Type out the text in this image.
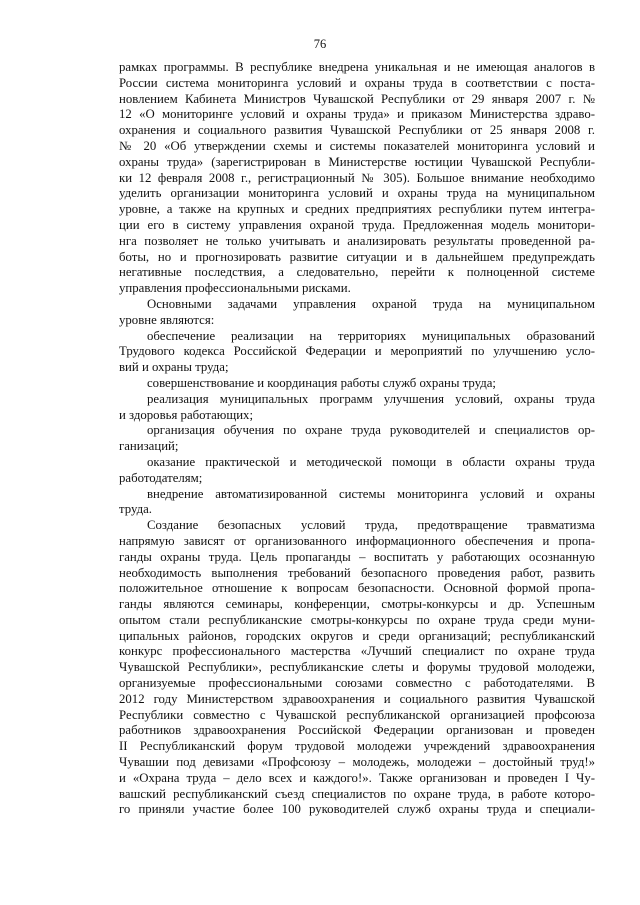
76
рамках программы. В республике внедрена уникальная и не имеющая аналогов в
России система мониторинга условий и охраны труда в соответствии с поста-
новлением Кабинета Министров Чувашской Республики от 29 января 2007 г. №
12 «О мониторинге условий и охраны труда» и приказом Министерства здраво-
охранения и социального развития Чувашской Республики от 25 января 2008 г.
№ 20 «Об утверждении схемы и системы показателей мониторинга условий и
охраны труда» (зарегистрирован в Министерстве юстиции Чувашской Республи-
ки 12 февраля 2008 г., регистрационный № 305). Большое внимание необходимо
уделить организации мониторинга условий и охраны труда на муниципальном
уровне, а также на крупных и средних предприятиях республики путем интегра-
ции его в систему управления охраной труда. Предложенная модель монитори-
нга позволяет не только учитывать и анализировать результаты проведенной ра-
боты, но и прогнозировать развитие ситуации и в дальнейшем предупреждать
негативные последствия, а следовательно, перейти к полноценной системе
управления профессиональными рисками.
Основными задачами управления охраной труда на муниципальном
уровне являются:
обеспечение реализации на территориях муниципальных образований
Трудового кодекса Российской Федерации и мероприятий по улучшению усло-
вий и охраны труда;
совершенствование и координация работы служб охраны труда;
реализация муниципальных программ улучшения условий, охраны труда
и здоровья работающих;
организация обучения по охране труда руководителей и специалистов ор-
ганизаций;
оказание практической и методической помощи в области охраны труда
работодателям;
внедрение автоматизированной системы мониторинга условий и охраны
труда.
Создание безопасных условий труда, предотвращение травматизма
напрямую зависят от организованного информационного обеспечения и пропа-
ганды охраны труда. Цель пропаганды – воспитать у работающих осознанную
необходимость выполнения требований безопасного проведения работ, развить
положительное отношение к вопросам безопасности. Основной формой пропа-
ганды являются семинары, конференции, смотры-конкурсы и др. Успешным
опытом стали республиканские смотры-конкурсы по охране труда среди муни-
ципальных районов, городских округов и среди организаций; республиканский
конкурс профессионального мастерства «Лучший специалист по охране труда
Чувашской Республики», республиканские слеты и форумы трудовой молодежи,
организуемые профессиональными союзами совместно с работодателями. В
2012 году Министерством здравоохранения и социального развития Чувашской
Республики совместно с Чувашской республиканской организацией профсоюза
работников здравоохранения Российской Федерации организован и проведен
II Республиканский форум трудовой молодежи учреждений здравоохранения
Чувашии под девизами «Профсоюзу – молодежь, молодежи – достойный труд!»
и «Охрана труда – дело всех и каждого!». Также организован и проведен I Чу-
вашский республиканский съезд специалистов по охране труда, в работе которо-
го приняли участие более 100 руководителей служб охраны труда и специали-
